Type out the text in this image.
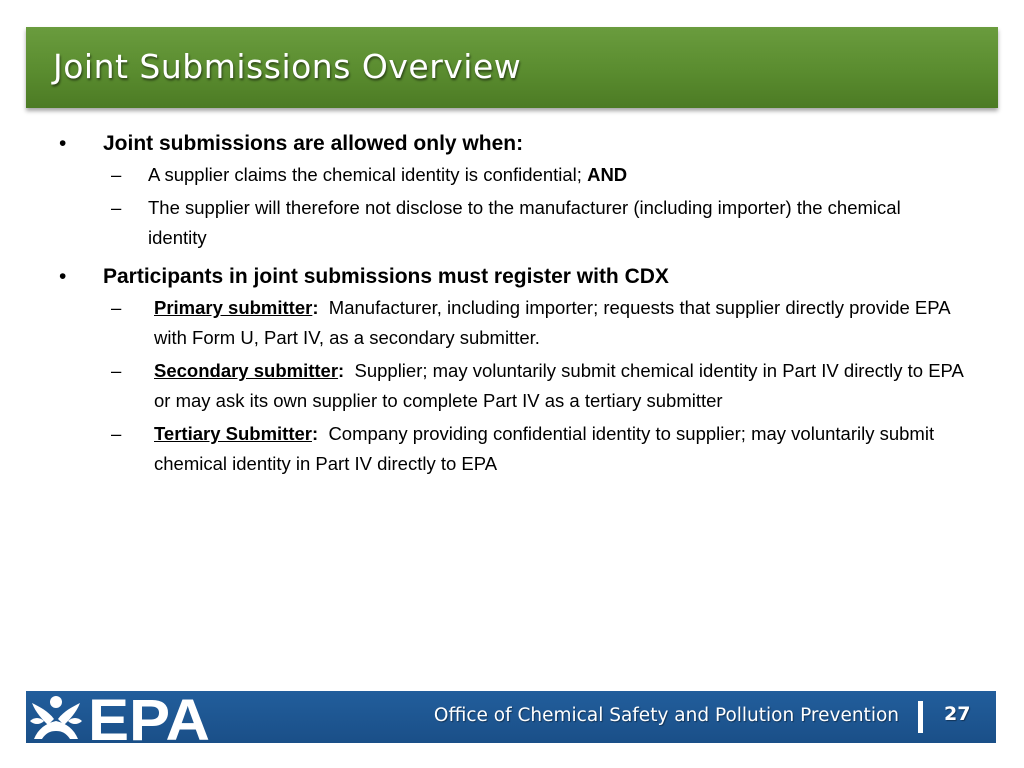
Joint Submissions Overview
• Joint submissions are allowed only when:
– A supplier claims the chemical identity is confidential; AND
– The supplier will therefore not disclose to the manufacturer (including importer) the chemical identity
• Participants in joint submissions must register with CDX
– Primary submitter: Manufacturer, including importer; requests that supplier directly provide EPA with Form U, Part IV, as a secondary submitter.
– Secondary submitter: Supplier; may voluntarily submit chemical identity in Part IV directly to EPA or may ask its own supplier to complete Part IV as a tertiary submitter
– Tertiary Submitter: Company providing confidential identity to supplier; may voluntarily submit chemical identity in Part IV directly to EPA
EPA	Office of Chemical Safety and Pollution Prevention 27
